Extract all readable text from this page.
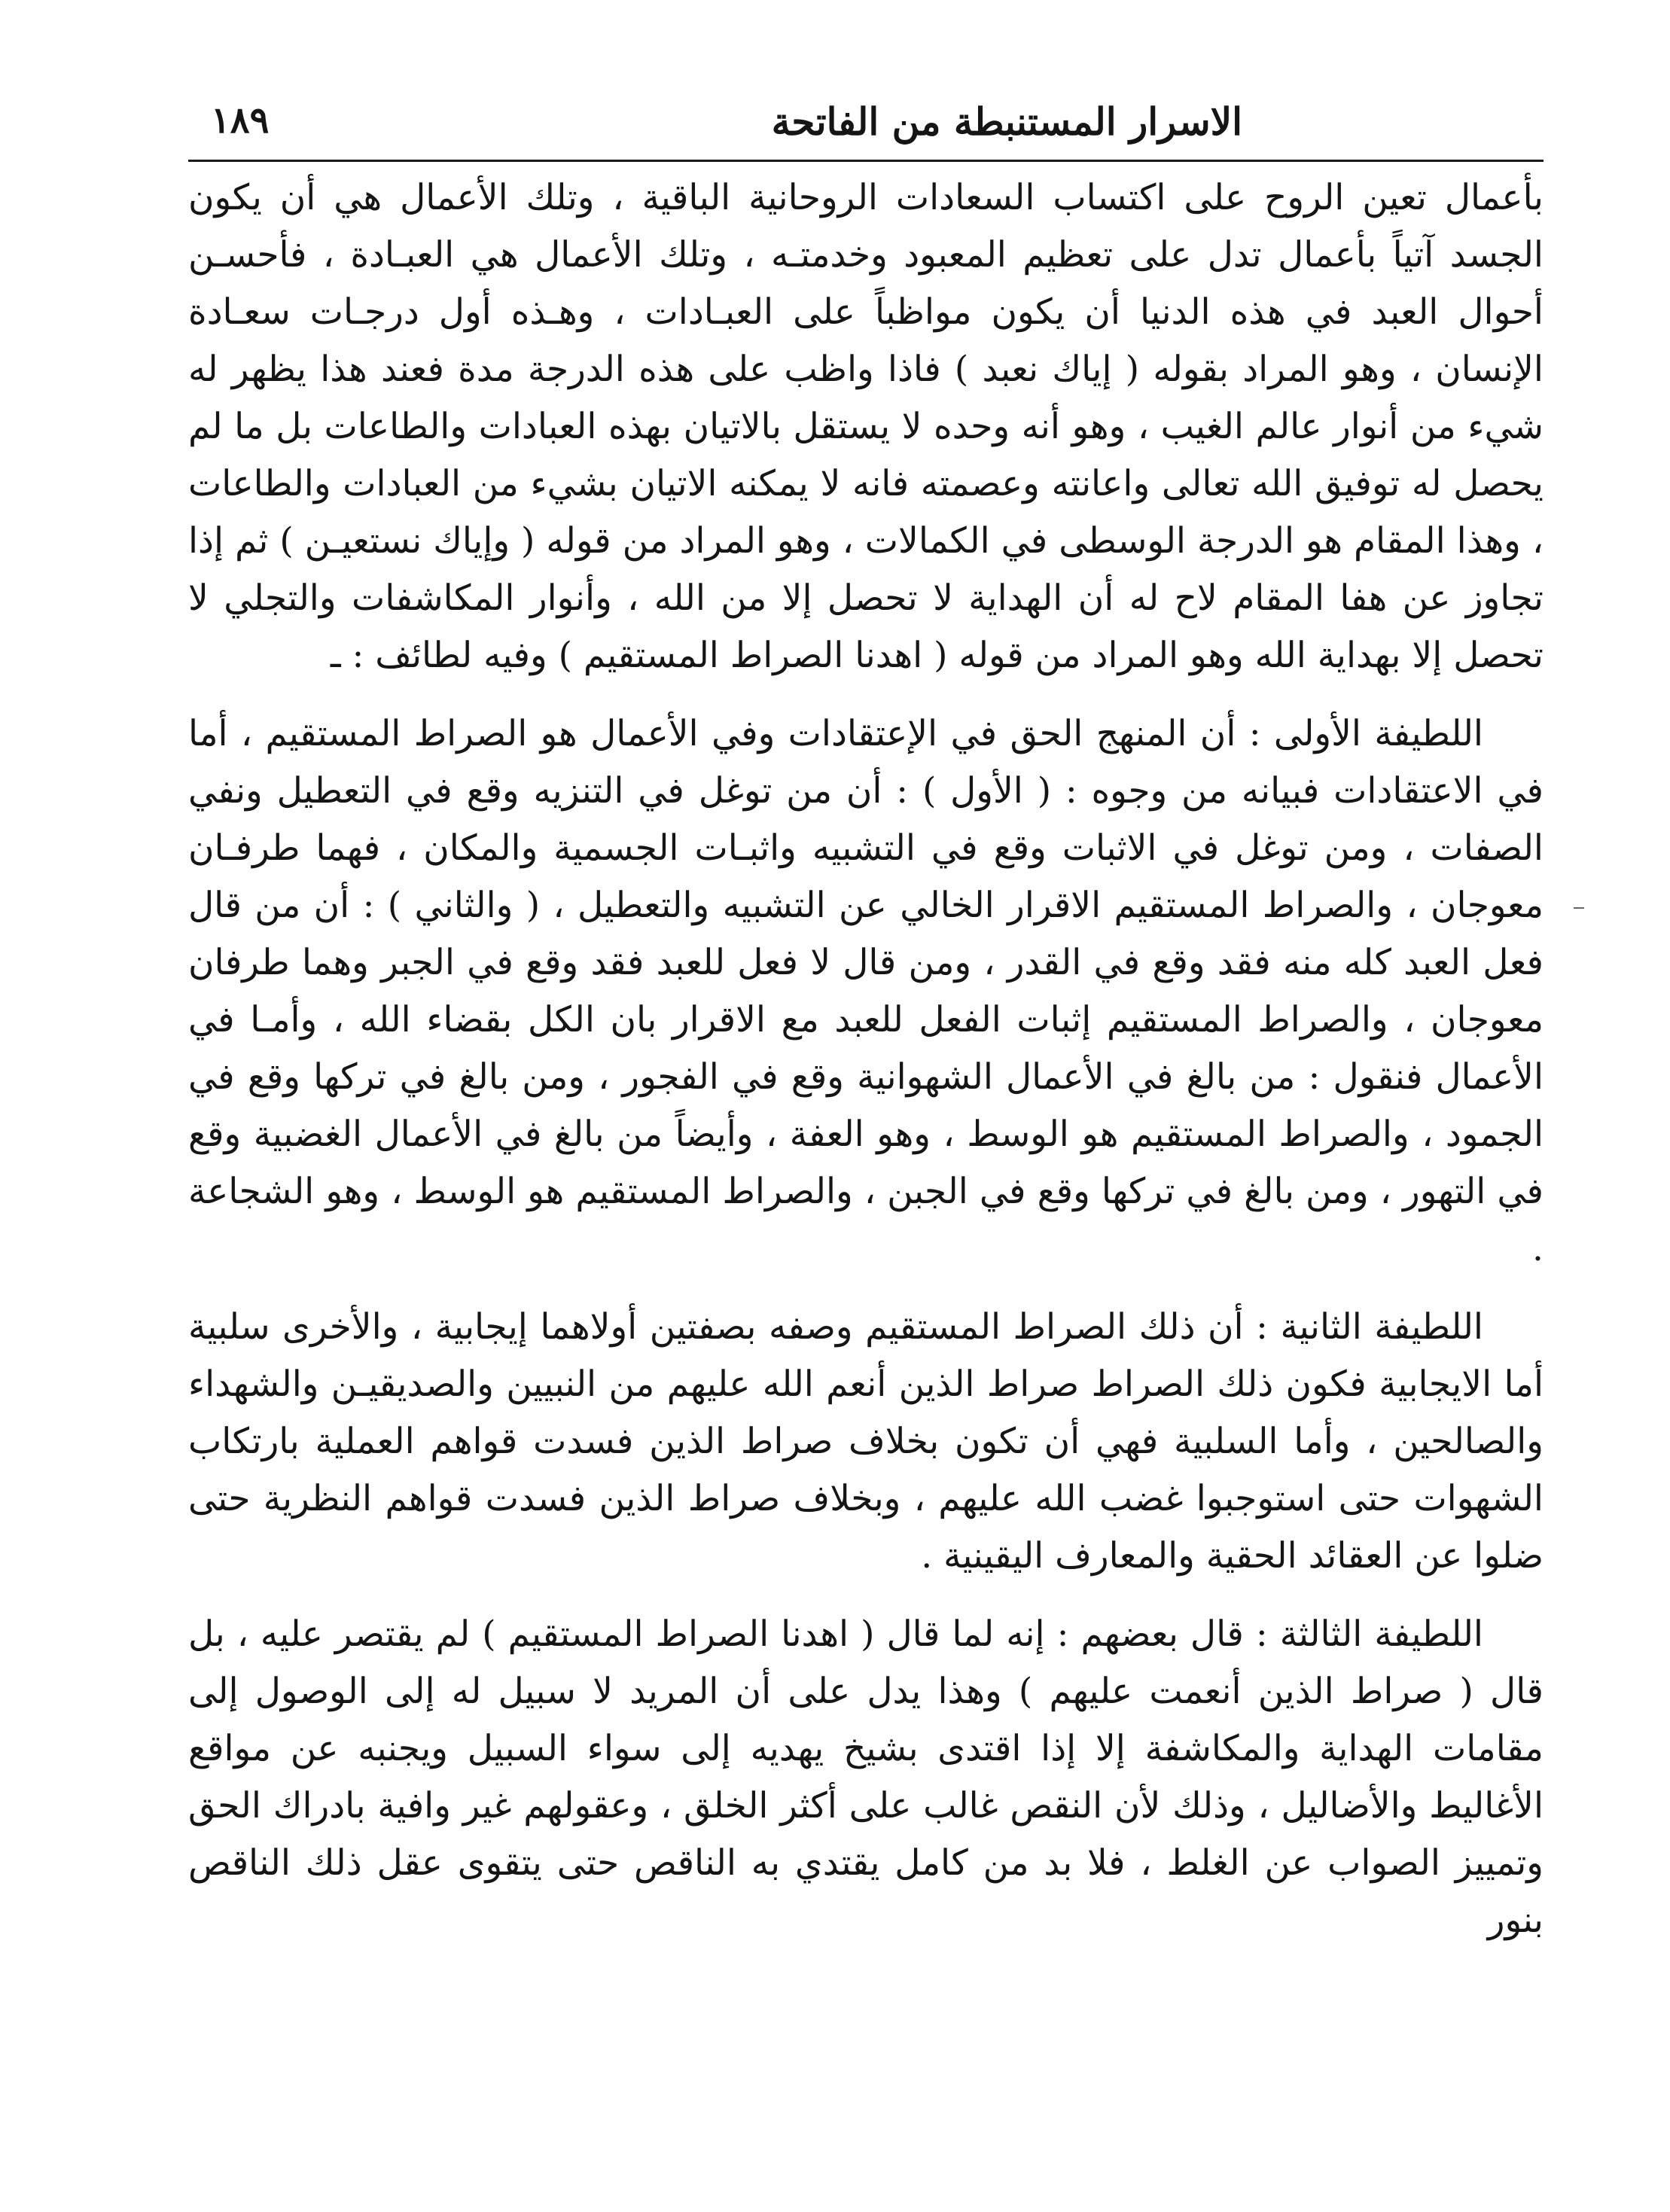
الاسرار المستنبطة من الفاتحة
١٨٩

بأعمال تعين الروح على اكتساب السعادات الروحانية الباقية ، وتلك الأعمال هي أن يكون الجسد آتياً بأعمال تدل على تعظيم المعبود وخدمتـه ، وتلك الأعمال هي العبـادة ، فأحسـن أحوال العبد في هذه الدنيا أن يكون مواظباً على العبـادات ، وهـذه أول درجـات سعـادة الإنسان ، وهو المراد بقوله ( إياك نعبد ) فاذا واظب على هذه الدرجة مدة فعند هذا يظهر له شيء من أنوار عالم الغيب ، وهو أنه وحده لا يستقل بالاتيان بهذه العبادات والطاعات بل ما لم يحصل له توفيق الله تعالى واعانته وعصمته فانه لا يمكنه الاتيان بشيء من العبادات والطاعات ، وهذا المقام هو الدرجة الوسطى في الكمالات ، وهو المراد من قوله ( وإياك نستعيـن ) ثم إذا تجاوز عن هفا المقام لاح له أن الهداية لا تحصل إلا من الله ، وأنوار المكاشفات والتجلي لا تحصل إلا بهداية الله وهو المراد من قوله ( اهدنا الصراط المستقيم ) وفيه لطائف : ـ

اللطيفة الأولى : أن المنهج الحق في الإعتقادات وفي الأعمال هو الصراط المستقيم ، أما في الاعتقادات فبيانه من وجوه : ( الأول ) : أن من توغل في التنزيه وقع في التعطيل ونفي الصفات ، ومن توغل في الاثبات وقع في التشبيه واثبـات الجسمية والمكان ، فهما طرفـان معوجان ، والصراط المستقيم الاقرار الخالي عن التشبيه والتعطيل ، ( والثاني ) : أن من قال فعل العبد كله منه فقد وقع في القدر ، ومن قال لا فعل للعبد فقد وقع في الجبر وهما طرفان معوجان ، والصراط المستقيم إثبات الفعل للعبد مع الاقرار بان الكل بقضاء الله ، وأمـا في الأعمال فنقول : من بالغ في الأعمال الشهوانية وقع في الفجور ، ومن بالغ في تركها وقع في الجمود ، والصراط المستقيم هو الوسط ، وهو العفة ، وأيضاً من بالغ في الأعمال الغضبية وقع في التهور ، ومن بالغ في تركها وقع في الجبن ، والصراط المستقيم هو الوسط ، وهو الشجاعة .

اللطيفة الثانية : أن ذلك الصراط المستقيم وصفه بصفتين أولاهما إيجابية ، والأخرى سلبية أما الايجابية فكون ذلك الصراط صراط الذين أنعم الله عليهم من النبيين والصديقيـن والشهداء والصالحين ، وأما السلبية فهي أن تكون بخلاف صراط الذين فسدت قواهم العملية بارتكاب الشهوات حتى استوجبوا غضب الله عليهم ، وبخلاف صراط الذين فسدت قواهم النظرية حتى ضلوا عن العقائد الحقية والمعارف اليقينية .

اللطيفة الثالثة : قال بعضهم : إنه لما قال ( اهدنا الصراط المستقيم ) لم يقتصر عليه ، بل قال ( صراط الذين أنعمت عليهم ) وهذا يدل على أن المريد لا سبيل له إلى الوصول إلى مقامات الهداية والمكاشفة إلا إذا اقتدى بشيخ يهديه إلى سواء السبيل ويجنبه عن مواقع الأغاليط والأضاليل ، وذلك لأن النقص غالب على أكثر الخلق ، وعقولهم غير وافية بادراك الحق وتمييز الصواب عن الغلط ، فلا بد من كامل يقتدي به الناقص حتى يتقوى عقل ذلك الناقص بنور
